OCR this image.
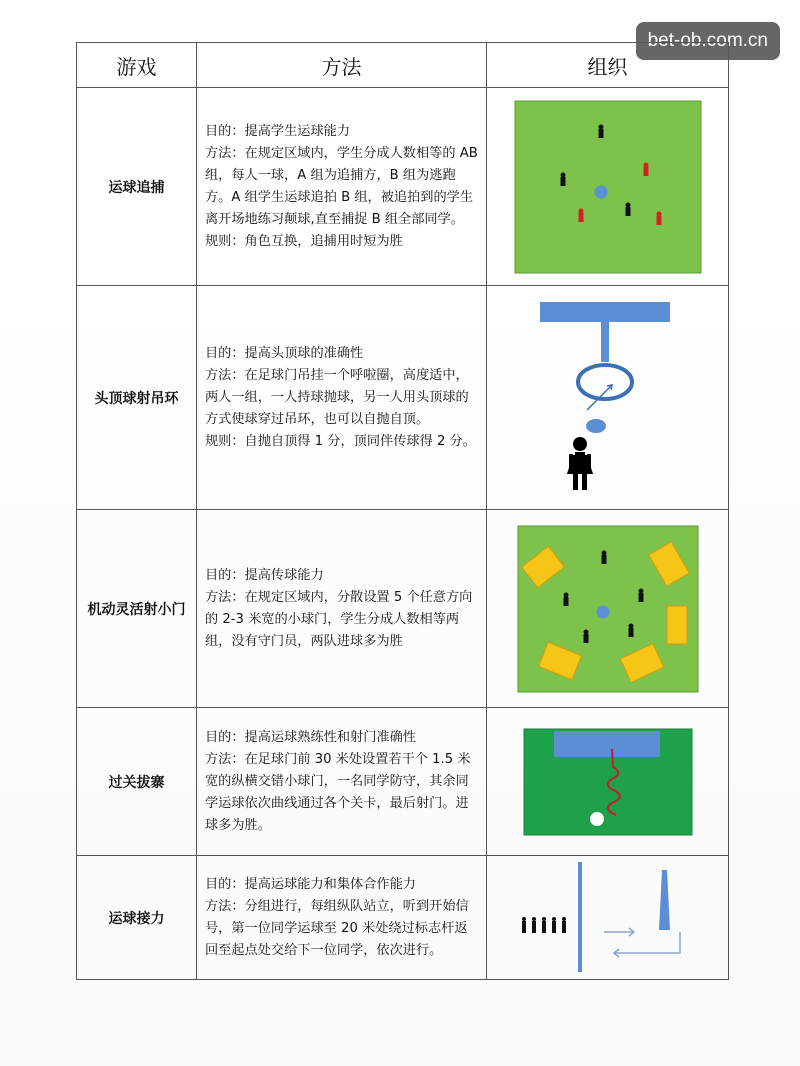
bet-ob.com.cn
游戏	方法	组织
运球追捕	目的：提高学生运球能力

方法：在规定区域内，学生分成人数相等的 AB 组，每人一球，A 组为追捕方，B 组为逃跑方。A 组学生运球追拍 B 组，被追拍到的学生离开场地练习颠球,直至捕捉 B 组全部同学。

规则：角色互换，追捕用时短为胜

头顶球射吊环	目的：提高头顶球的准确性

方法：在足球门吊挂一个呼啦圈，高度适中，两人一组，一人持球抛球，另一人用头顶球的方式使球穿过吊环，也可以自抛自顶。

规则：自抛自顶得 1 分，顶同伴传球得 2 分。

机动灵活射小门	目的：提高传球能力

方法：在规定区域内，分散设置 5 个任意方向的 2-3 米宽的小球门，学生分成人数相等两组，没有守门员，两队进球多为胜

过关拔寨	目的：提高运球熟练性和射门准确性

方法：在足球门前 30 米处设置若干个 1.5 米宽的纵横交错小球门，一名同学防守，其余同学运球依次曲线通过各个关卡，最后射门。进球多为胜。

运球接力	目的：提高运球能力和集体合作能力

方法：分组进行，每组纵队站立，听到开始信号，第一位同学运球至 20 米处绕过标志杆返回至起点处交给下一位同学，依次进行。
